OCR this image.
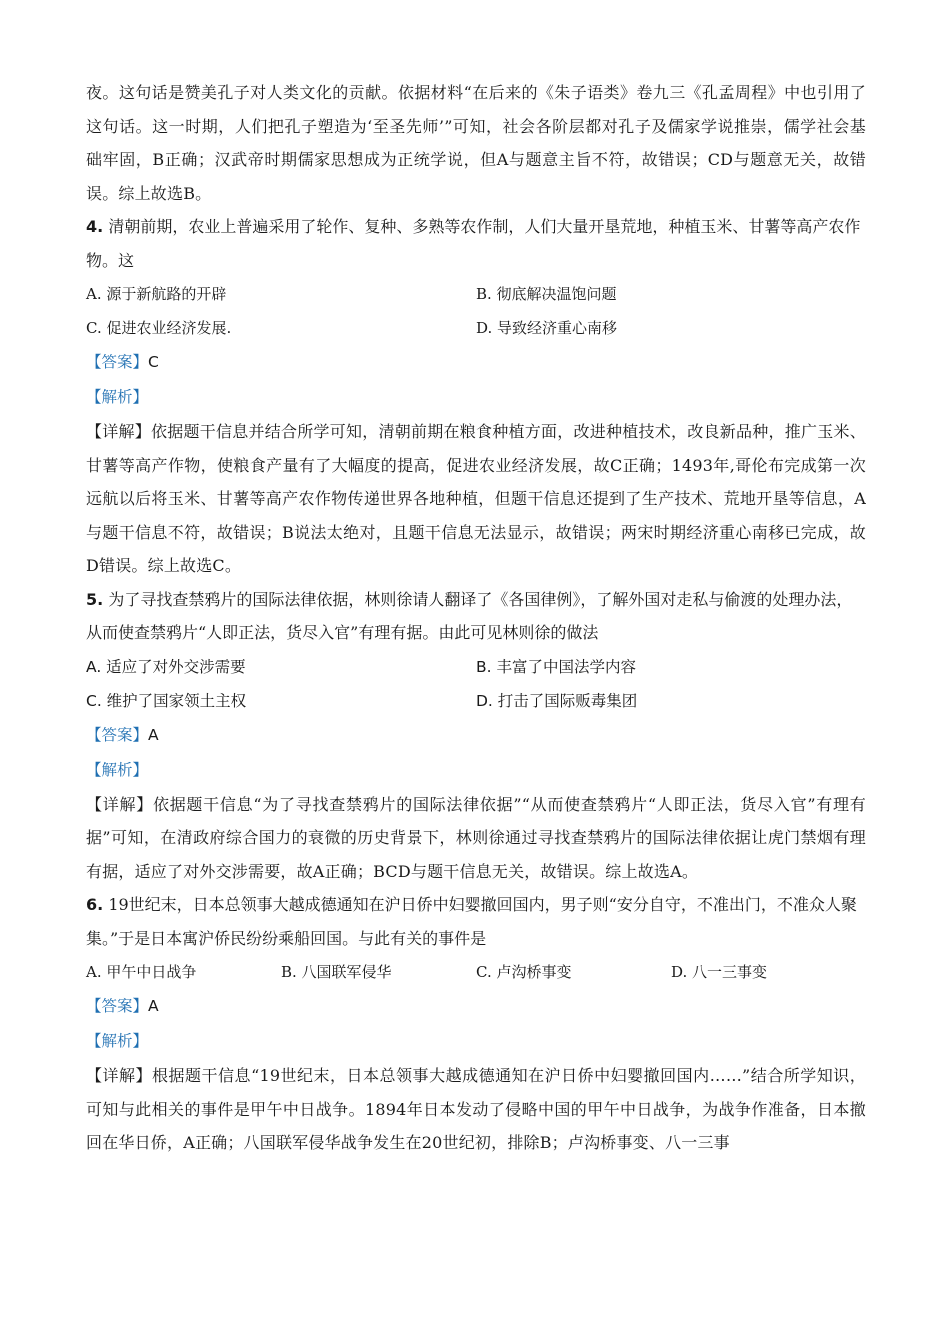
夜。这句话是赞美孔子对人类文化的贡献。依据材料“在后来的《朱子语类》卷九三《孔孟周程》中也引用了这句话。这一时期，人们把孔子塑造为‘至圣先师’”可知，社会各阶层都对孔子及儒家学说推崇，儒学社会基础牢固，B正确；汉武帝时期儒家思想成为正统学说，但A与题意主旨不符，故错误；CD与题意无关，故错误。综上故选B。

4. 清朝前期，农业上普遍采用了轮作、复种、多熟等农作制，人们大量开垦荒地，种植玉米、甘薯等高产农作物。这

A. 源于新航路的开辟	B. 彻底解决温饱问题
C. 促进农业经济发展.	D. 导致经济重心南移
【答案】C
【解析】

【详解】依据题干信息并结合所学可知，清朝前期在粮食种植方面，改进种植技术，改良新品种，推广玉米、甘薯等高产作物，使粮食产量有了大幅度的提高，促进农业经济发展，故C正确；1493年,哥伦布完成第一次远航以后将玉米、甘薯等高产农作物传递世界各地种植，但题干信息还提到了生产技术、荒地开垦等信息，A与题干信息不符，故错误；B说法太绝对，且题干信息无法显示，故错误；两宋时期经济重心南移已完成，故D错误。综上故选C。

5. 为了寻找查禁鸦片的国际法律依据，林则徐请人翻译了《各国律例》，了解外国对走私与偷渡的处理办法，从而使查禁鸦片“人即正法，货尽入官”有理有据。由此可见林则徐的做法

A. 适应了对外交涉需要	B. 丰富了中国法学内容
C. 维护了国家领土主权	D. 打击了国际贩毒集团
【答案】A
【解析】

【详解】依据题干信息“为了寻找查禁鸦片的国际法律依据”“从而使查禁鸦片“人即正法，货尽入官”有理有据”可知，在清政府综合国力的衰微的历史背景下，林则徐通过寻找查禁鸦片的国际法律依据让虎门禁烟有理有据，适应了对外交涉需要，故A正确；BCD与题干信息无关，故错误。综上故选A。

6. 19世纪末，日本总领事大越成德通知在沪日侨中妇婴撤回国内，男子则“安分自守，不准出门，不准众人聚集。”于是日本寓沪侨民纷纷乘船回国。与此有关的事件是

A. 甲午中日战争	B. 八国联军侵华	C. 卢沟桥事变	D. 八一三事变
【答案】A
【解析】

【详解】根据题干信息“19世纪末，日本总领事大越成德通知在沪日侨中妇婴撤回国内……”结合所学知识，可知与此相关的事件是甲午中日战争。1894年日本发动了侵略中国的甲午中日战争，为战争作准备，日本撤回在华日侨，A正确；八国联军侵华战争发生在20世纪初，排除B；卢沟桥事变、八一三事
